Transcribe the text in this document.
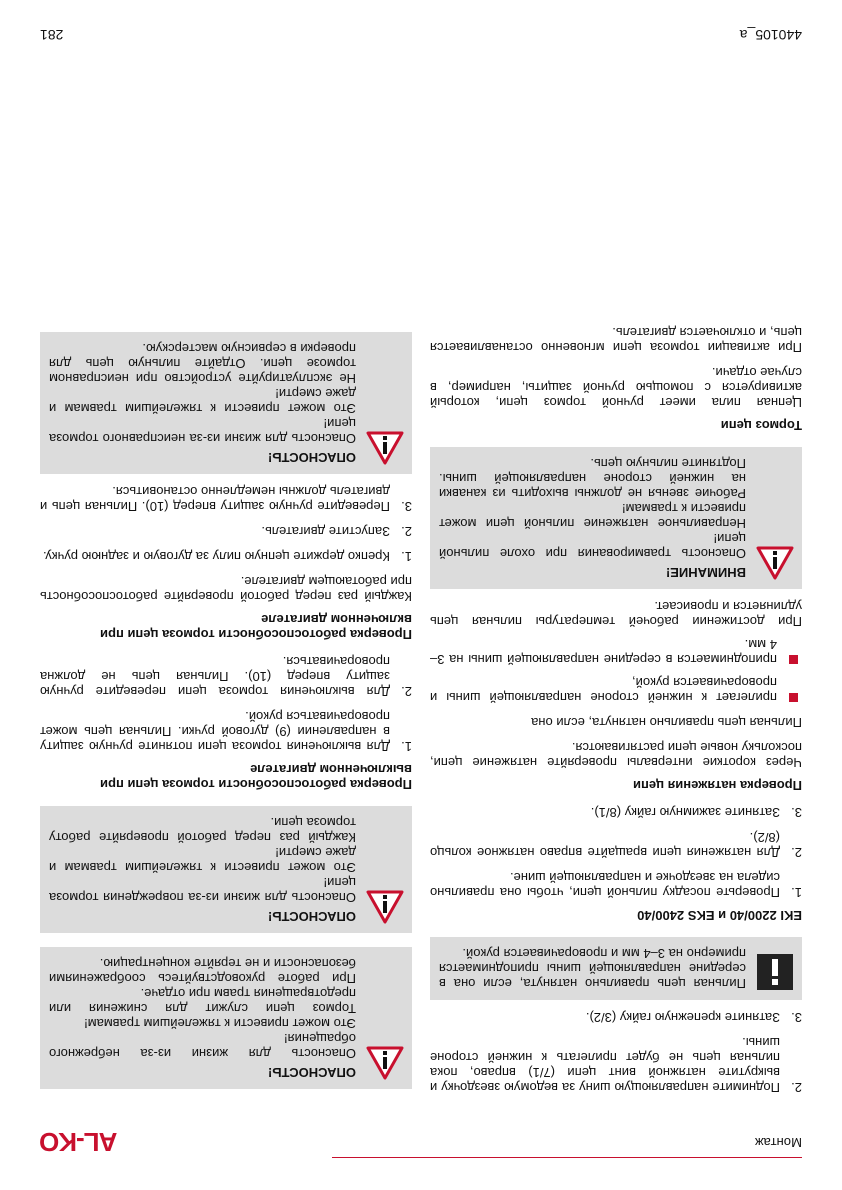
Монтаж
AL-KO
2.
Поднимите направляющую шину за ведомую звездочку и выкрутите натяжной винт цепи (7/1) вправо, пока пильная цепь не будет прилегать к нижней стороне шины.
3.
Затяните крепежную гайку (3/2).
Пильная цепь правильно натянута, если она в середине направляющей шины приподнимается примерно на 3–4 мм и проворачивается рукой.
EKI 2200/40 и EKS 2400/40
1.
Проверьте посадку пильной цепи, чтобы она правильно сидела на звездочке и направляющей шине.
2.
Для натяжения цепи вращайте вправо натяжное кольцо (8/2).
3.
Затяните зажимную гайку (8/1).
Проверка натяжения цепи

Через короткие интервалы проверяйте натяжение цепи, поскольку новые цепи растягиваются.

Пильная цепь правильно натянута, если она

прилегает к нижней стороне направляющей шины и проворачивается рукой,
приподнимается в середине направляющей шины на 3–4 мм.

При достижении рабочей температуры пильная цепь удлиняется и провисает.

ВНИМАНИЕ!
Опасность травмирования при охоле пильной цепи!
Неправильное натяжение пильной цепи может привести к травмам!
Рабочие звенья не должны выходить из канавки на нижней стороне направляющей шины. Подтяните пильную цепь.
Тормоз цепи

Цепная пила имеет ручной тормоз цепи, который активируется с помощью ручной защиты, например, в случае отдачи.

При активации тормоза цепи мгновенно останавливается цепь, и отключается двигатель.

ОПАСНОСТЬ!
Опасность для жизни из-за небрежного обращения!
Это может привести к тяжелейшим травмам!
Тормоз цепи служит для снижения или предотвращения травм при отдаче.
При работе руководствуйтесь соображениями безопасности и не теряйте концентрацию.
ОПАСНОСТЬ!
Опасность для жизни из-за повреждения тормоза цепи!
Это может привести к тяжелейшим травмам и даже смерти!
Каждый раз перед работой проверяйте работу тормоза цепи.
Проверка работоспособности тормоза цепи при выключенном двигателе
1.
Для выключения тормоза цепи потяните ручную защиту в направлении (9) дуговой ручки. Пильная цепь может проворачиваться рукой.
2.
Для выключения тормоза цепи переведите ручную защиту вперед (10). Пильная цепь не должна проворачиваться.
Проверка работоспособности тормоза цепи при включенном двигателе

Каждый раз перед работой проверяйте работоспособность при работающем двигателе.

1.
Крепко держите цепную пилу за дуговую и заднюю ручку.
2.
Запустите двигатель.
3.
Переведите ручную защиту вперед (10). Пильная цепь и двигатель должны немедленно остановиться.
ОПАСНОСТЬ!
Опасность для жизни из-за неисправного тормоза цепи!
Это может привести к тяжелейшим травмам и даже смерти!
Не эксплуатируйте устройство при неисправном тормозе цепи. Отдайте пильную цепь для проверки в сервисную мастерскую.
440105_a
281
